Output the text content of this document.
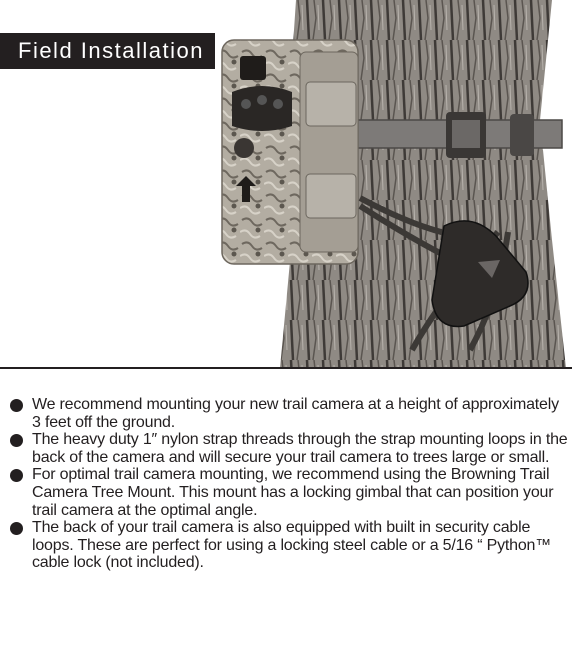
Field Installation
We recommend mounting your new trail camera at a height of approximately 3 feet off the ground.
The heavy duty 1″ nylon strap threads through the strap mounting loops in the back of the camera and will secure your trail camera to trees large or small.
For optimal trail camera mounting, we recommend using the Browning Trail Camera Tree Mount. This mount has a locking gimbal that can position your trail camera at the optimal angle.
The back of your trail camera is also equipped with built in security cable loops. These are perfect for using a locking steel cable or a 5/16 “ Python™ cable lock (not included).
